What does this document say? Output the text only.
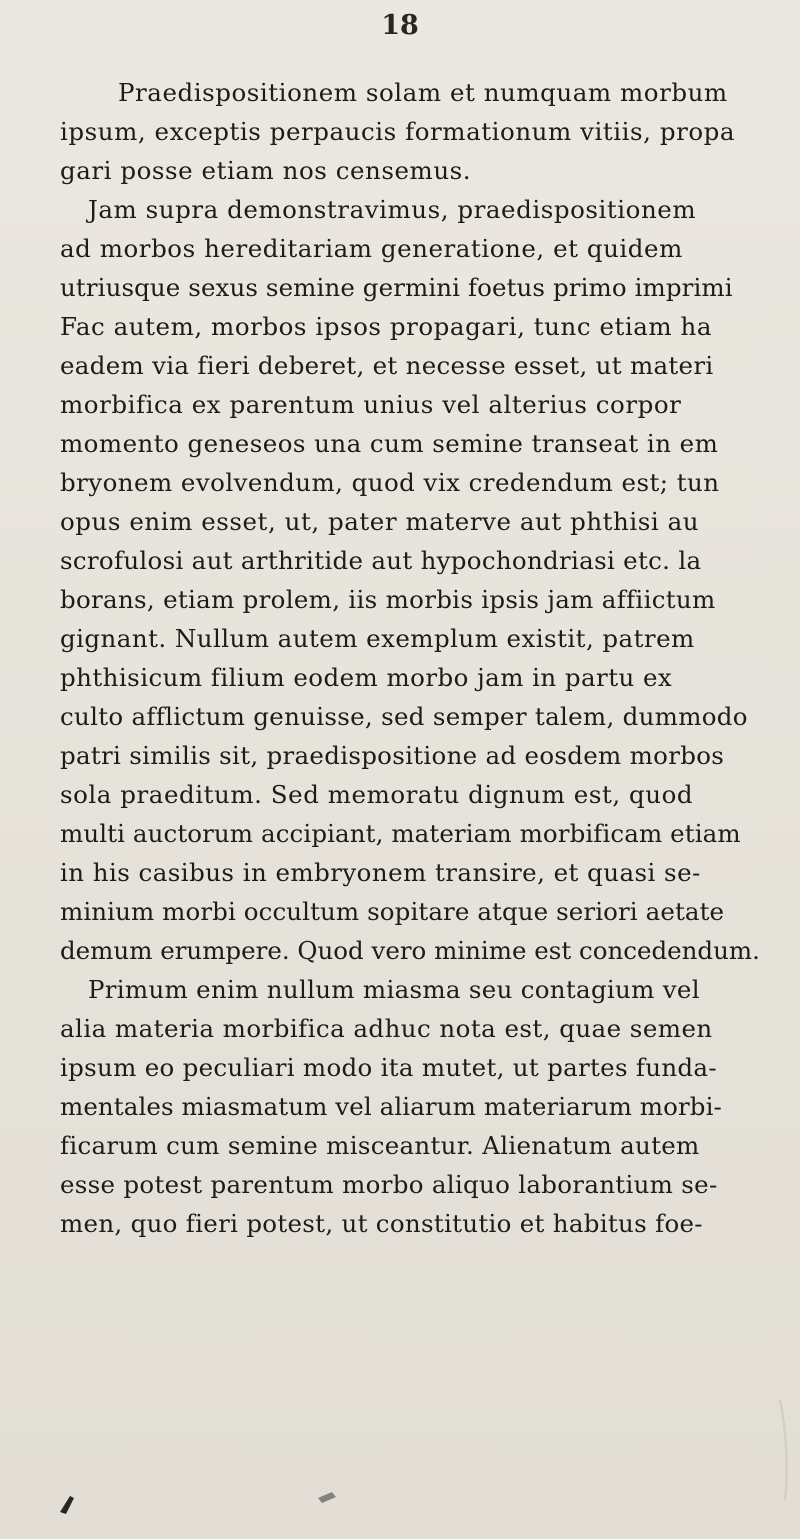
18
Praedispositionem solam et numquam morbum
ipsum, exceptis perpaucis formationum vitiis, propa
gari posse etiam nos censemus.
Jam supra demonstravimus, praedispositionem
ad morbos hereditariam generatione, et quidem
utriusque sexus semine germini foetus primo imprimi
Fac autem, morbos ipsos propagari, tunc etiam ha
eadem via fieri deberet, et necesse esset, ut materi
morbifica ex parentum unius vel alterius corpor
momento geneseos una cum semine transeat in em
bryonem evolvendum, quod vix credendum est; tun
opus enim esset, ut, pater materve aut phthisi au
scrofulosi aut arthritide aut hypochondriasi etc. la
borans, etiam prolem, iis morbis ipsis jam affiictum
gignant. Nullum autem exemplum existit, patrem
phthisicum filium eodem morbo jam in partu ex
culto afflictum genuisse, sed semper talem, dummodo
patri similis sit, praedispositione ad eosdem morbos
sola praeditum. Sed memoratu dignum est, quod
multi auctorum accipiant, materiam morbificam etiam
in his casibus in embryonem transire, et quasi se-
minium morbi occultum sopitare atque seriori aetate
demum erumpere. Quod vero minime est concedendum.
Primum enim nullum miasma seu contagium vel
alia materia morbifica adhuc nota est, quae semen
ipsum eo peculiari modo ita mutet, ut partes funda-
mentales miasmatum vel aliarum materiarum morbi-
ficarum cum semine misceantur. Alienatum autem
esse potest parentum morbo aliquo laborantium se-
men, quo fieri potest, ut constitutio et habitus foe-
